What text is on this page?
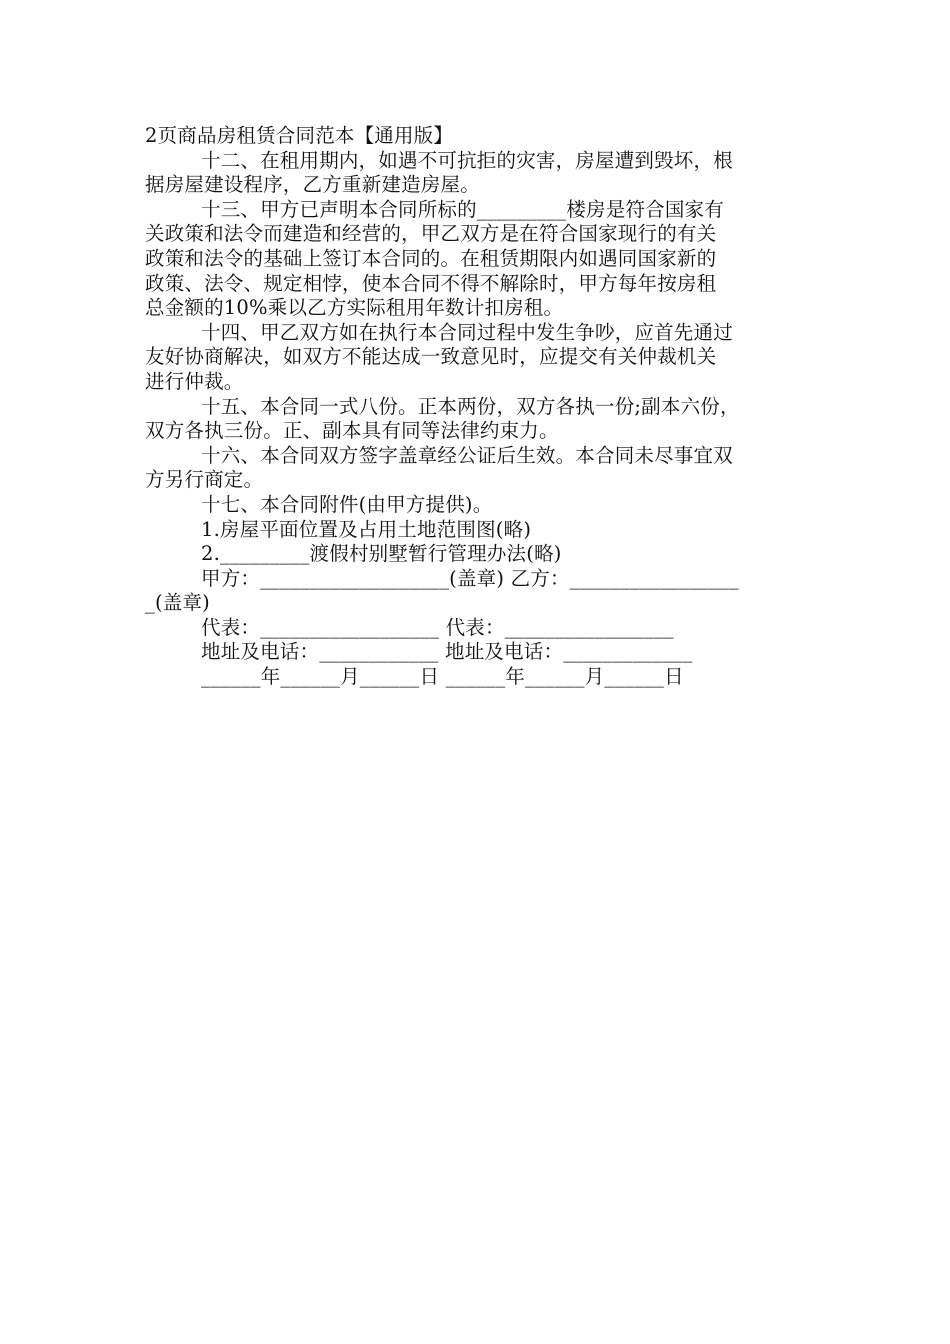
2页商品房租赁合同范本【通用版】
十二、在租用期内，如遇不可抗拒的灾害，房屋遭到毁坏，根
据房屋建设程序，乙方重新建造房屋。
十三、甲方已声明本合同所标的_________楼房是符合国家有
关政策和法令而建造和经营的，甲乙双方是在符合国家现行的有关
政策和法令的基础上签订本合同的。在租赁期限内如遇同国家新的
政策、法令、规定相悖，使本合同不得不解除时，甲方每年按房租
总金额的10%乘以乙方实际租用年数计扣房租。
十四、甲乙双方如在执行本合同过程中发生争吵，应首先通过
友好协商解决，如双方不能达成一致意见时，应提交有关仲裁机关
进行仲裁。
十五、本合同一式八份。正本两份，双方各执一份;副本六份，
双方各执三份。正、副本具有同等法律约束力。
十六、本合同双方签字盖章经公证后生效。本合同未尽事宜双
方另行商定。
十七、本合同附件(由甲方提供)。
1.房屋平面位置及占用土地范围图(略)
2._________渡假村别墅暂行管理办法(略)
甲方：___________________(盖章) 乙方：_________________
_(盖章)
代表：__________________ 代表：_________________
地址及电话：____________ 地址及电话：_____________
______年______月______日 ______年______月______日
